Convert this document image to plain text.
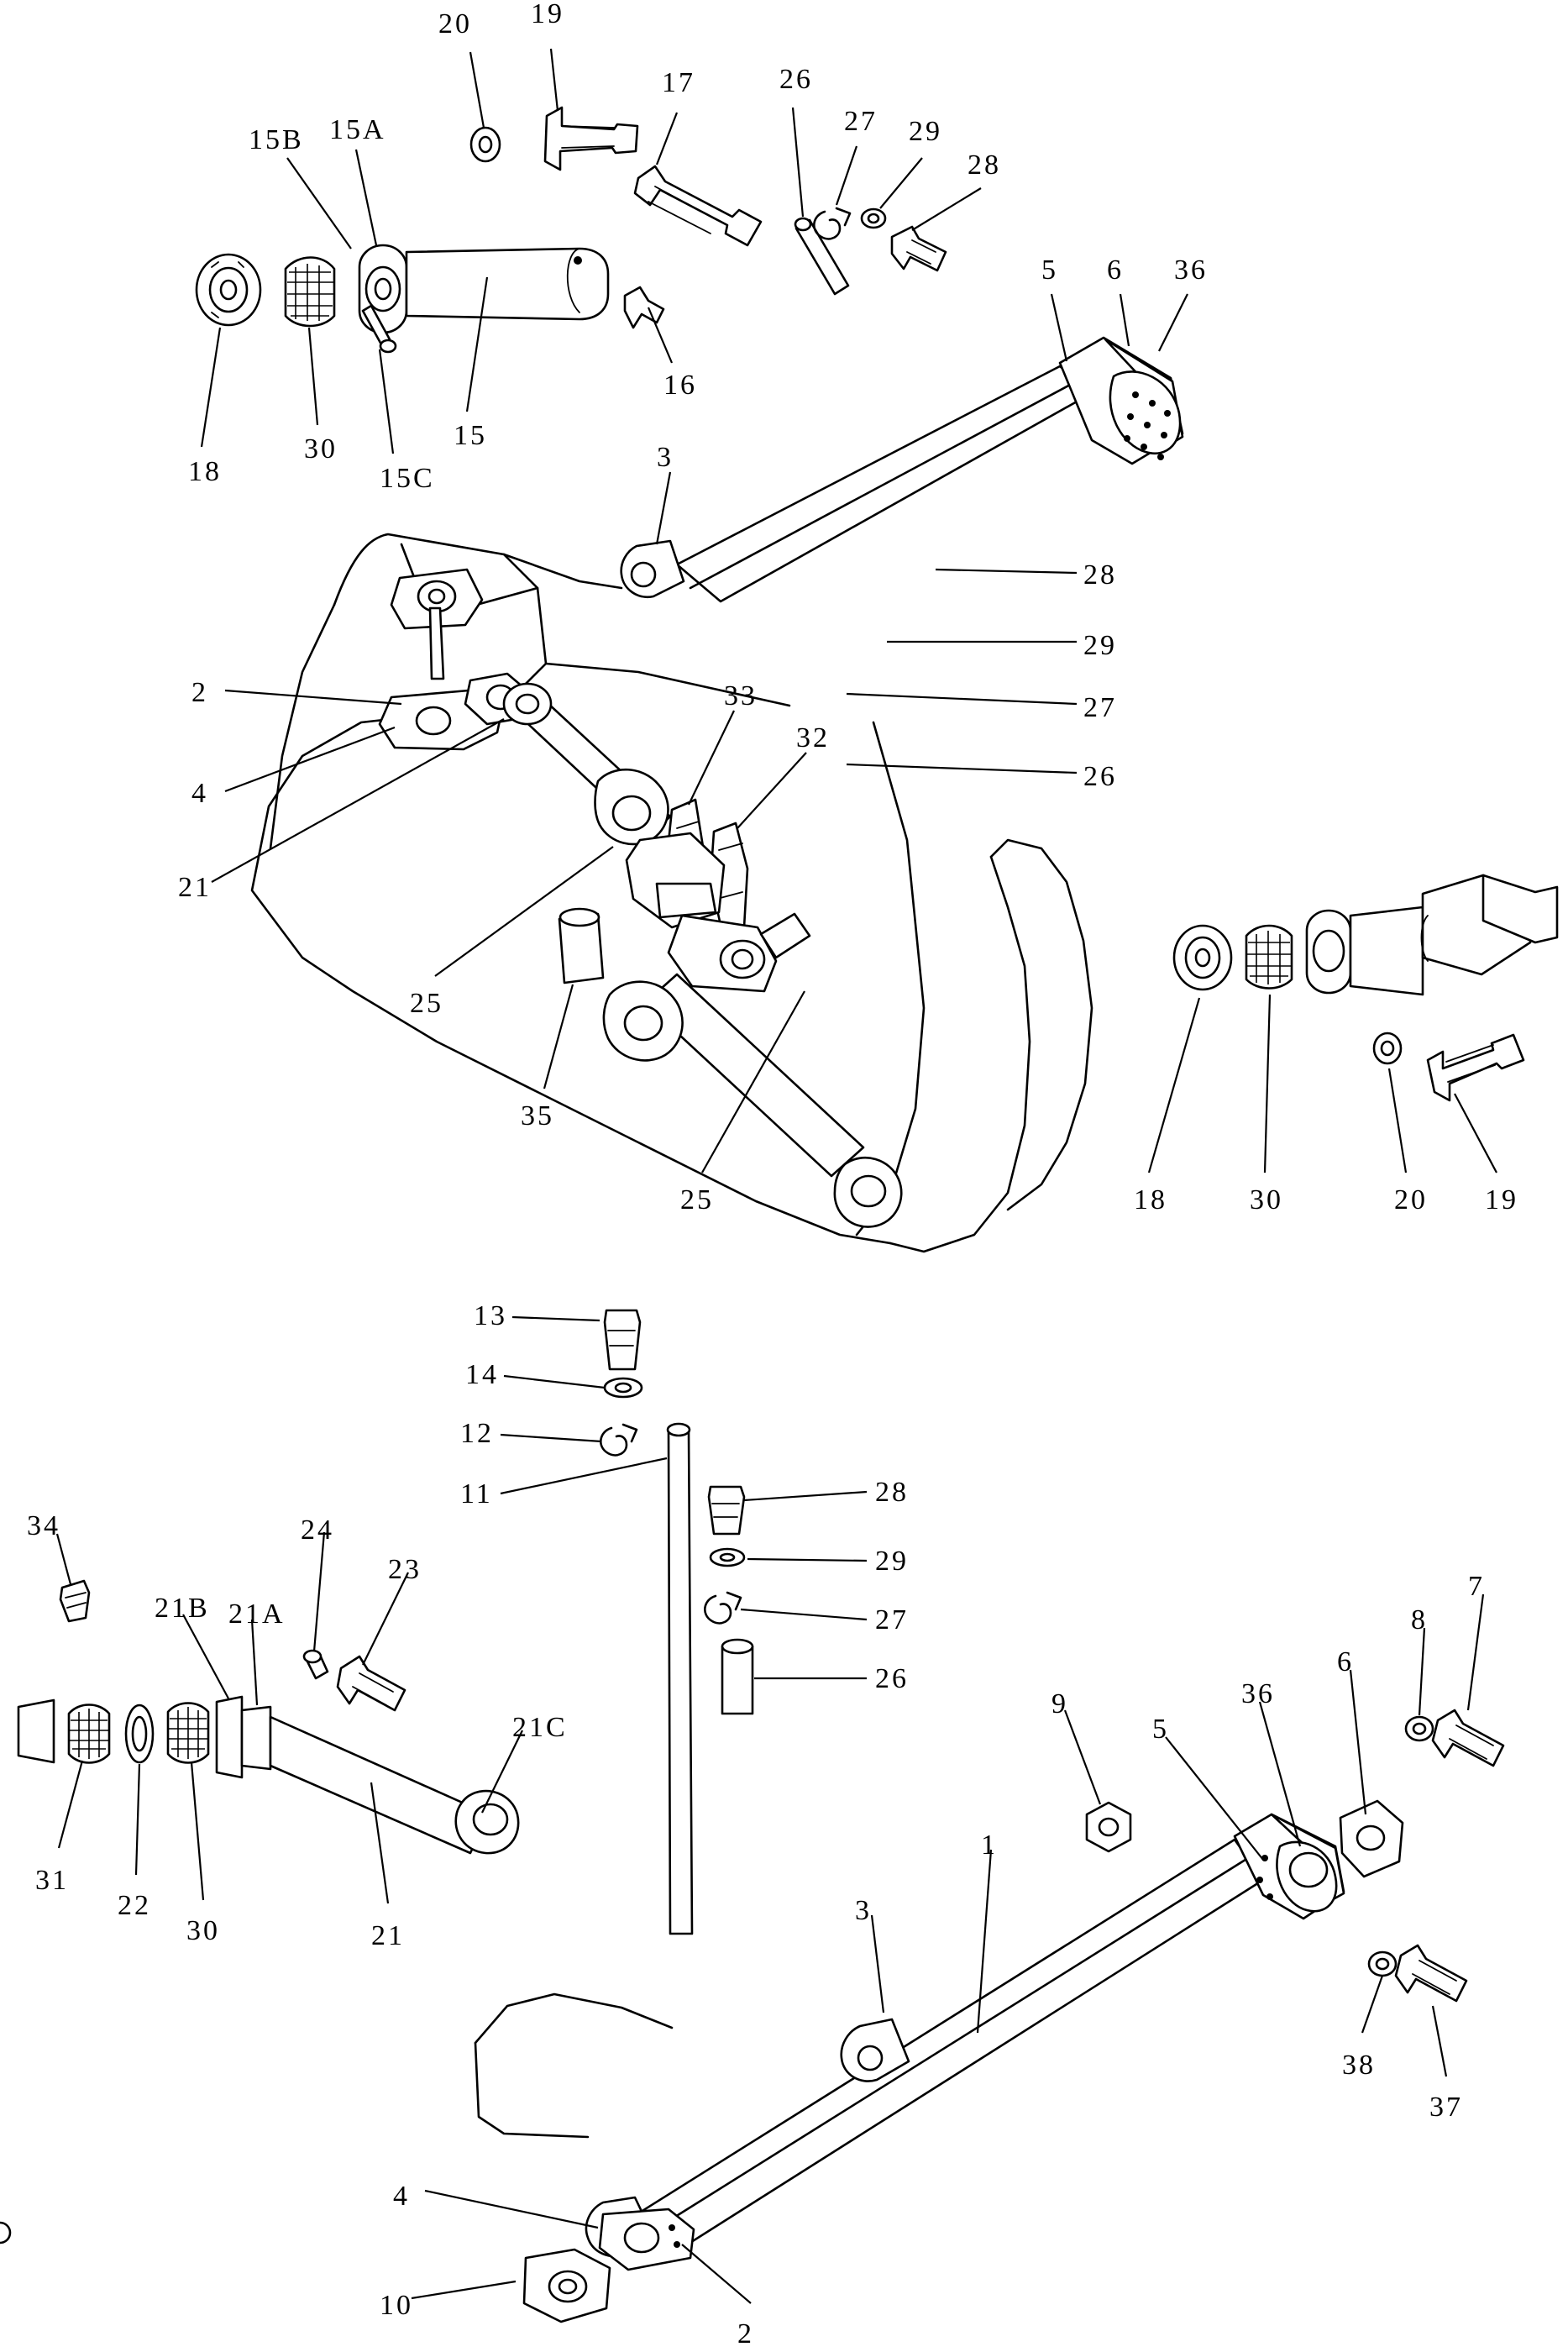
20 19
17	26
27 29
28
15B 15A
5 6 36
16
15
30
15C
18	3
28
29
27
26
33
32
2
4
21
25
35
25	18	30	20 19
13
14
12
11	28
29
27
26
34	24
23
21B 21A
21C
9
5
36
6
8
7
31
22
30	21
1
3
38
37
4
10
2
